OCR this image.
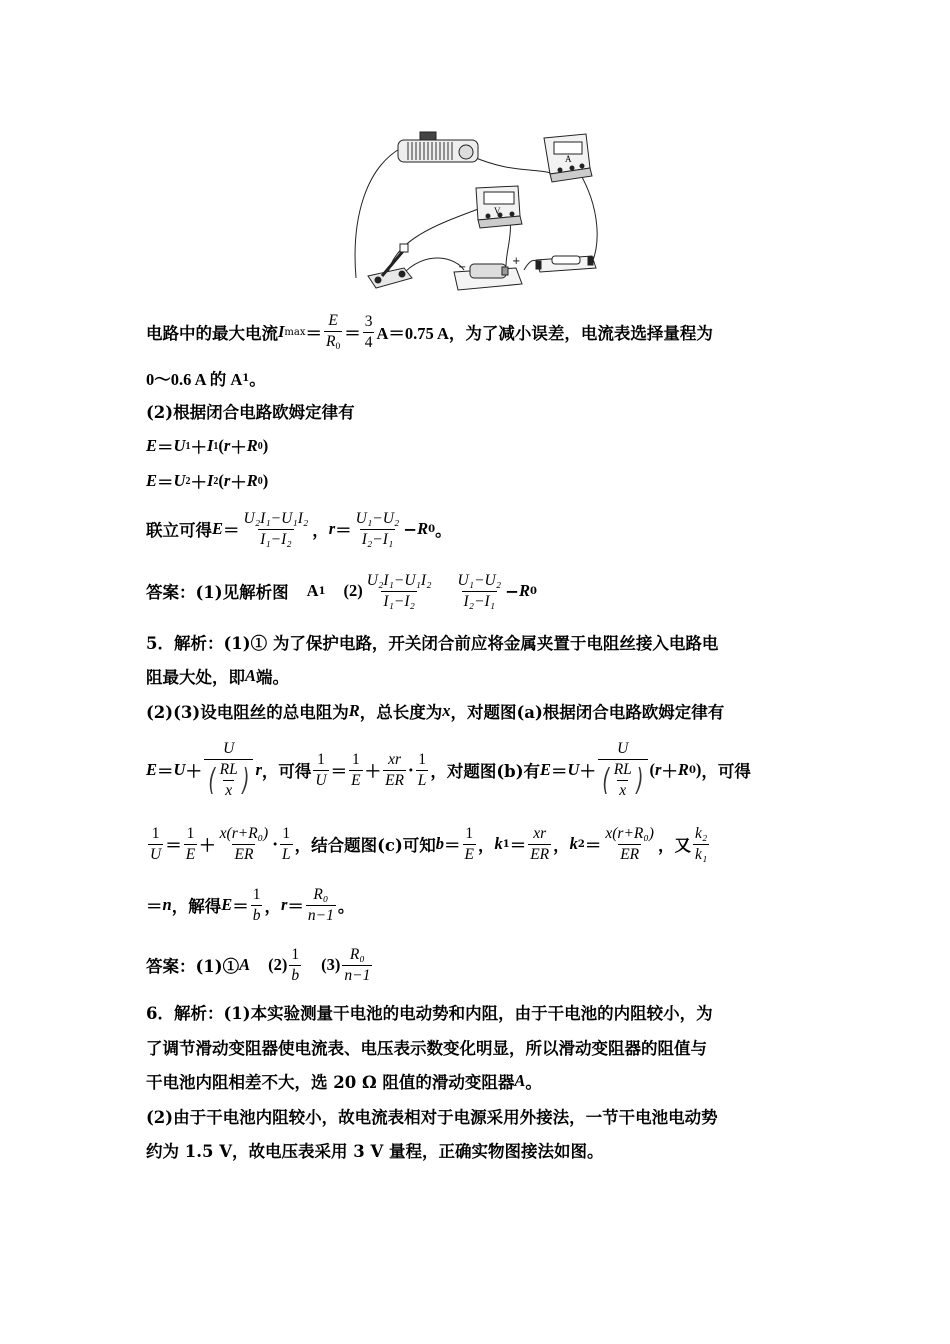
A
V
−
+
电路中的最大电流 I $\max = \frac{E}{R_0} = \frac{3}{4} A=0.75$ A，为了减小误差，电流表选择量程为
0～0.6 A 的 A 1 。
(2)根据闭合电路欧姆定律有
E ＝ U 1 ＋ I 1 ( r ＋ R 0 )
E ＝ U 2 ＋ I 2 ( r ＋ R 0 )
联立可得 $E = \frac{\text{U₂I₁−U₁I₂}}{\text{I₁−I₂}}$ ， $r = \frac{\text{U₁−U₂}}{\text{I₂−I₁}} - R$ 0 。
答案：(1)见解析图 A 1 $(2) \frac{\text{U₂I₁−U₁I₂}}{\text{I₁−I₂}} \frac{\text{U₁−U₂}}{\text{I₂−I₁}} - R$ 0
5．解析：(1)① 为了保护电路，开关闭合前应将金属夹置于电阻丝接入电路电
阻最大处，即 A 端。
(2)(3)设电阻丝的总电阻为 R ，总长度为 x ，对题图(a)根据闭合电路欧姆定律有
$E = U + \frac{U}{( \frac{RL}{x} )}$ r ，可得 $\frac{1}{U} = \frac{1}{E} + \frac{xr}{ER} \cdot \frac{1}{L}$ ，对题图(b)有 $E = U + \frac{U}{( \frac{RL}{x} )}$ ( r ＋ R 0 ) ，可得
$\frac{1}{U} = \frac{1}{E} + \frac{\text{x(r+R₀)}}{ER} \cdot \frac{1}{L}$ ，结合题图(c)可知 $b = \frac{1}{E}$ ， k $1 = \frac{xr}{ER}$ ， k $2 = \frac{\text{x(r+R₀)}}{ER}$ ，又 $\frac{\text{k₂}}{\text{k₁}}$
＝ n ，解得 $E = \frac{1}{b}$ ， $r = \frac{\text{R₀}}{n-1}$ 。
答案：(1)① A $(2) \frac{1}{b} (3) \frac{\text{R₀}}{n-1}$
6．解析：(1)本实验测量干电池的电动势和内阻，由于干电池的内阻较小，为
了调节滑动变阻器使电流表、电压表示数变化明显，所以滑动变阻器的阻值与
干电池内阻相差不大，选 20 Ω 阻值的滑动变阻器 A 。
(2)由于干电池内阻较小，故电流表相对于电源采用外接法，一节干电池电动势
约为 1.5 V，故电压表采用 3 V 量程，正确实物图接法如图。
